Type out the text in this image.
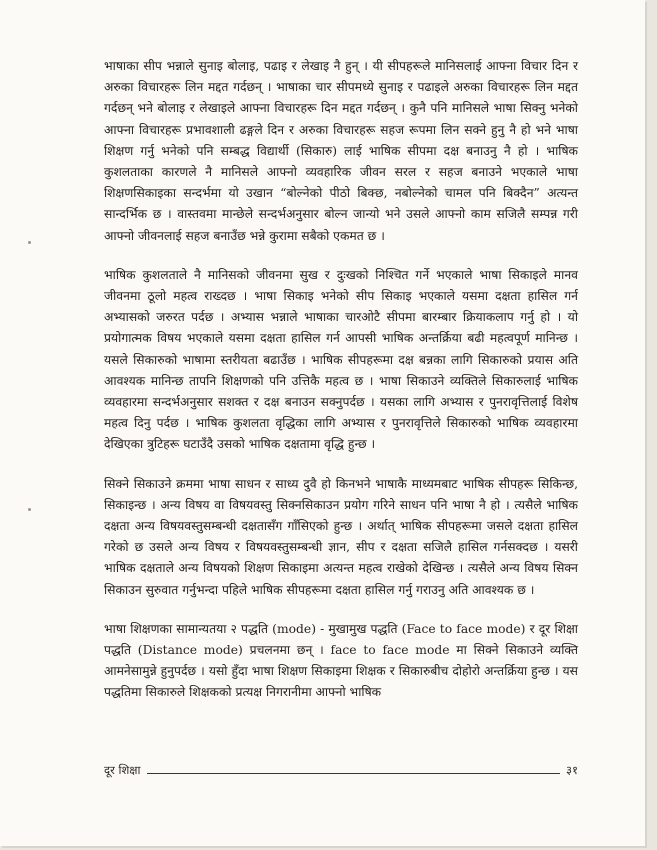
भाषाका सीप भन्नाले सुनाइ बोलाइ, पढाइ र लेखाइ नै हुन् । यी सीपहरूले मानिसलाई आफ्ना विचार दिन र अरुका विचारहरू लिन मद्दत गर्दछन् । भाषाका चार सीपमध्ये सुनाइ र पढाइले अरुका विचारहरू लिन मद्दत गर्दछन् भने बोलाइ र लेखाइले आफ्ना विचारहरू दिन मद्दत गर्दछन् । कुनै पनि मानिसले भाषा सिक्नु भनेको आफ्ना विचारहरू प्रभावशाली ढङ्गले दिन र अरुका विचारहरू सहज रूपमा लिन सक्ने हुनु नै हो भने भाषा शिक्षण गर्नु भनेको पनि सम्बद्ध विद्यार्थी (सिकारु) लाई भाषिक सीपमा दक्ष बनाउनु नै हो । भाषिक कुशलताका कारणले नै मानिसले आफ्नो व्यवहारिक जीवन सरल र सहज बनाउने भएकाले भाषा शिक्षणसिकाइका सन्दर्भमा यो उखान “बोल्नेको पीठो बिक्छ, नबोल्नेको चामल पनि बिक्दैन” अत्यन्त सान्दर्भिक छ । वास्तवमा मान्छेले सन्दर्भअनुसार बोल्न जान्यो भने उसले आफ्नो काम सजिलै सम्पन्न गरी आफ्नो जीवनलाई सहज बनाउँछ भन्ने कुरामा सबैको एकमत छ ।

भाषिक कुशलताले नै मानिसको जीवनमा सुख र दुःखको निश्चित गर्ने भएकाले भाषा सिकाइले मानव जीवनमा ठूलो महत्व राख्दछ । भाषा सिकाइ भनेको सीप सिकाइ भएकाले यसमा दक्षता हासिल गर्न अभ्यासको जरुरत पर्दछ । अभ्यास भन्नाले भाषाका चारओटै सीपमा बारम्बार क्रियाकलाप गर्नु हो । यो प्रयोगात्मक विषय भएकाले यसमा दक्षता हासिल गर्न आपसी भाषिक अन्तर्क्रिया बढी महत्वपूर्ण मानिन्छ । यसले सिकारुको भाषामा स्तरीयता बढाउँछ । भाषिक सीपहरूमा दक्ष बन्नका लागि सिकारुको प्रयास अति आवश्यक मानिन्छ तापनि शिक्षणको पनि उत्तिकै महत्व छ । भाषा सिकाउने व्यक्तिले सिकारुलाई भाषिक व्यवहारमा सन्दर्भअनुसार सशक्त र दक्ष बनाउन सक्नुपर्दछ । यसका लागि अभ्यास र पुनरावृत्तिलाई विशेष महत्व दिनु पर्दछ । भाषिक कुशलता वृद्धिका लागि अभ्यास र पुनरावृत्तिले सिकारुको भाषिक व्यवहारमा देखिएका त्रुटिहरू घटाउँदै उसको भाषिक दक्षतामा वृद्धि हुन्छ ।

सिक्ने सिकाउने क्रममा भाषा साधन र साध्य दुवै हो किनभने भाषाकै माध्यमबाट भाषिक सीपहरू सिकिन्छ, सिकाइन्छ । अन्य विषय वा विषयवस्तु सिक्नसिकाउन प्रयोग गरिने साधन पनि भाषा नै हो । त्यसैले भाषिक दक्षता अन्य विषयवस्तुसम्बन्धी दक्षतासँग गाँसिएको हुन्छ । अर्थात् भाषिक सीपहरूमा जसले दक्षता हासिल गरेको छ उसले अन्य विषय र विषयवस्तुसम्बन्धी ज्ञान, सीप र दक्षता सजिलै हासिल गर्नसक्दछ । यसरी भाषिक दक्षताले अन्य विषयको शिक्षण सिकाइमा अत्यन्त महत्व राखेको देखिन्छ । त्यसैले अन्य विषय सिक्न सिकाउन सुरुवात गर्नुभन्दा पहिले भाषिक सीपहरूमा दक्षता हासिल गर्नु गराउनु अति आवश्यक छ ।

भाषा शिक्षणका सामान्यतया २ पद्धति (mode) - मुखामुख पद्धति (Face to face mode) र दूर शिक्षा पद्धति (Distance mode) प्रचलनमा छन् । face to face mode मा सिक्ने सिकाउने व्यक्ति आमनेसामुन्ने हुनुपर्दछ । यसो हुँदा भाषा शिक्षण सिकाइमा शिक्षक र सिकारुबीच दोहोरो अन्तर्क्रिया हुन्छ । यस पद्धतिमा सिकारुले शिक्षकको प्रत्यक्ष निगरानीमा आफ्नो भाषिक

दूर शिक्षा	३१
